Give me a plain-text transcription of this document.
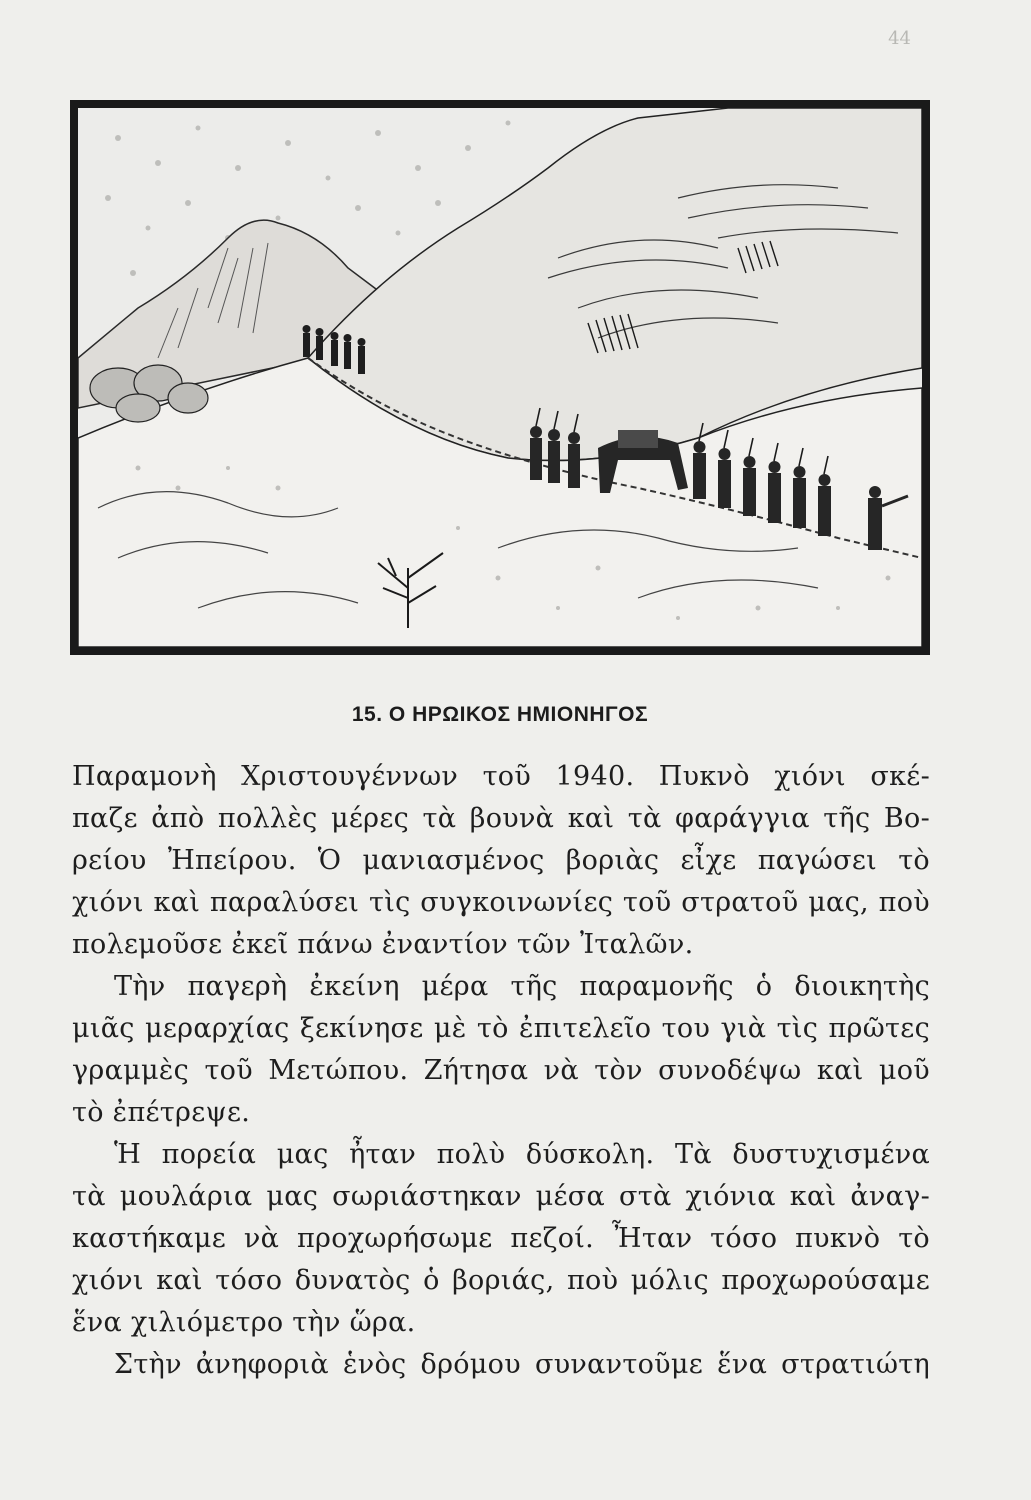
44
15. Ο ΗΡΩΙΚΟΣ ΗΜΙΟΝΗΓΟΣ
Παραμονὴ Χριστουγέννων τοῦ 1940. Πυκνὸ χιόνι σκέ-
παζε ἀπὸ πολλὲς μέρες τὰ βουνὰ καὶ τὰ φαράγγια τῆς Βο-
ρείου Ἠπείρου. Ὁ μανιασμένος βοριὰς εἶχε παγώσει τὸ
χιόνι καὶ παραλύσει τὶς συγκοινωνίες τοῦ στρατοῦ μας, ποὺ
πολεμοῦσε ἐκεῖ πάνω ἐναντίον τῶν Ἰταλῶν.
Τὴν παγερὴ ἐκείνη μέρα τῆς παραμονῆς ὁ διοικητὴς
μιᾶς μεραρχίας ξεκίνησε μὲ τὸ ἐπιτελεῖο του γιὰ τὶς πρῶτες
γραμμὲς τοῦ Μετώπου. Ζήτησα νὰ τὸν συνοδέψω καὶ μοῦ
τὸ ἐπέτρεψε.
Ἡ πορεία μας ἦταν πολὺ δύσκολη. Τὰ δυστυχισμένα
τὰ μουλάρια μας σωριάστηκαν μέσα στὰ χιόνια καὶ ἀναγ-
καστήκαμε νὰ προχωρήσωμε πεζοί. Ἦταν τόσο πυκνὸ τὸ
χιόνι καὶ τόσο δυνατὸς ὁ βοριάς, ποὺ μόλις προχωρούσαμε
ἕνα χιλιόμετρο τὴν ὥρα.
Στὴν ἀνηφοριὰ ἑνὸς δρόμου συναντοῦμε ἕνα στρατιώτη
